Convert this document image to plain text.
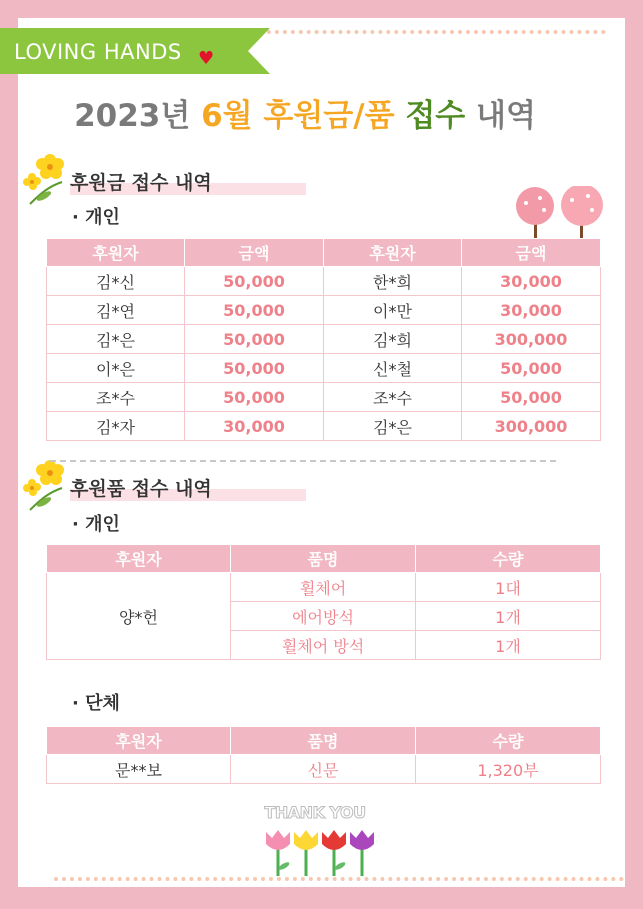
LOVING HANDS ♥
2023년 6월 후원금/품 접수 내역
후원금 접수 내역
· 개인
후원자	금액	후원자	금액
김*신	50,000	한*희	30,000
김*연	50,000	이*만	30,000
김*은	50,000	김*희	300,000
이*은	50,000	신*철	50,000
조*수	50,000	조*수	50,000
김*자	30,000	김*은	300,000
후원품 접수 내역
· 개인
후원자	품명	수량
양*헌	휠체어	1대
	에어방석	1개
	휠체어 방석	1개
· 단체
후원자	품명	수량
문**보	신문	1,320부
THANK YOU
